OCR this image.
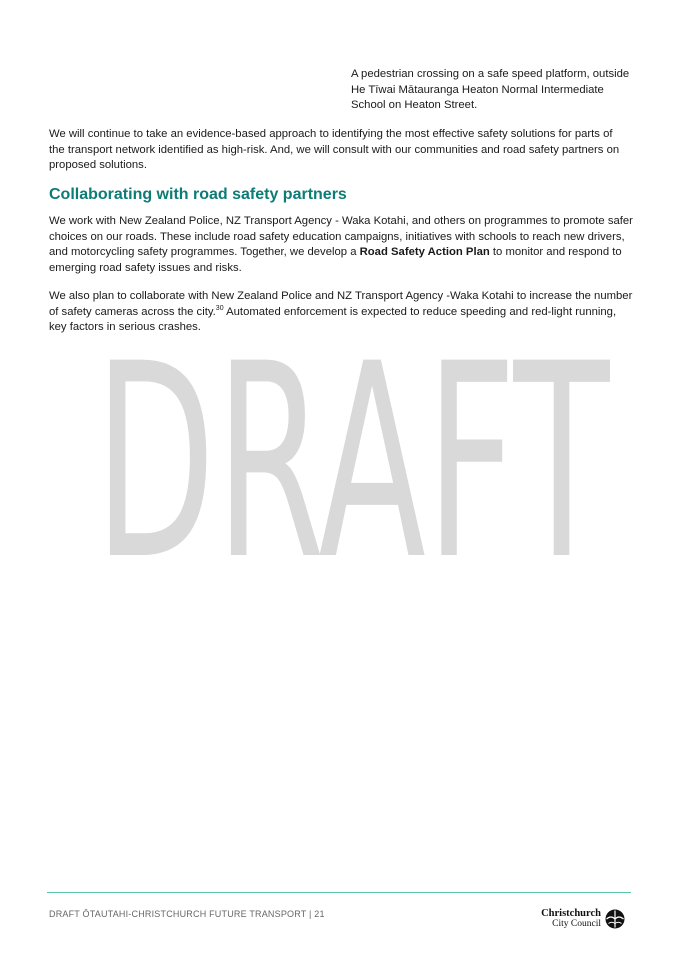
DRAFT
A pedestrian crossing on a safe speed platform, outside
He Tīwai Mātauranga Heaton Normal Intermediate
School on Heaton Street.
We will continue to take an evidence-based approach to identifying the most effective safety solutions for parts of
the transport network identified as high-risk. And, we will consult with our communities and road safety partners on
proposed solutions.
Collaborating with road safety partners
We work with New Zealand Police, NZ Transport Agency - Waka Kotahi, and others on programmes to promote safer
choices on our roads. These include road safety education campaigns, initiatives with schools to reach new drivers,
and motorcycling safety programmes. Together, we develop a Road Safety Action Plan to monitor and respond to
emerging road safety issues and risks.
We also plan to collaborate with New Zealand Police and NZ Transport Agency -Waka Kotahi to increase the number
of safety cameras across the city.$^{30}$ Automated enforcement is expected to reduce speeding and red-light running,
key factors in serious crashes.
DRAFT ŌTAUTAHI-CHRISTCHURCH FUTURE TRANSPORT | 21	Christchurch
City Council
